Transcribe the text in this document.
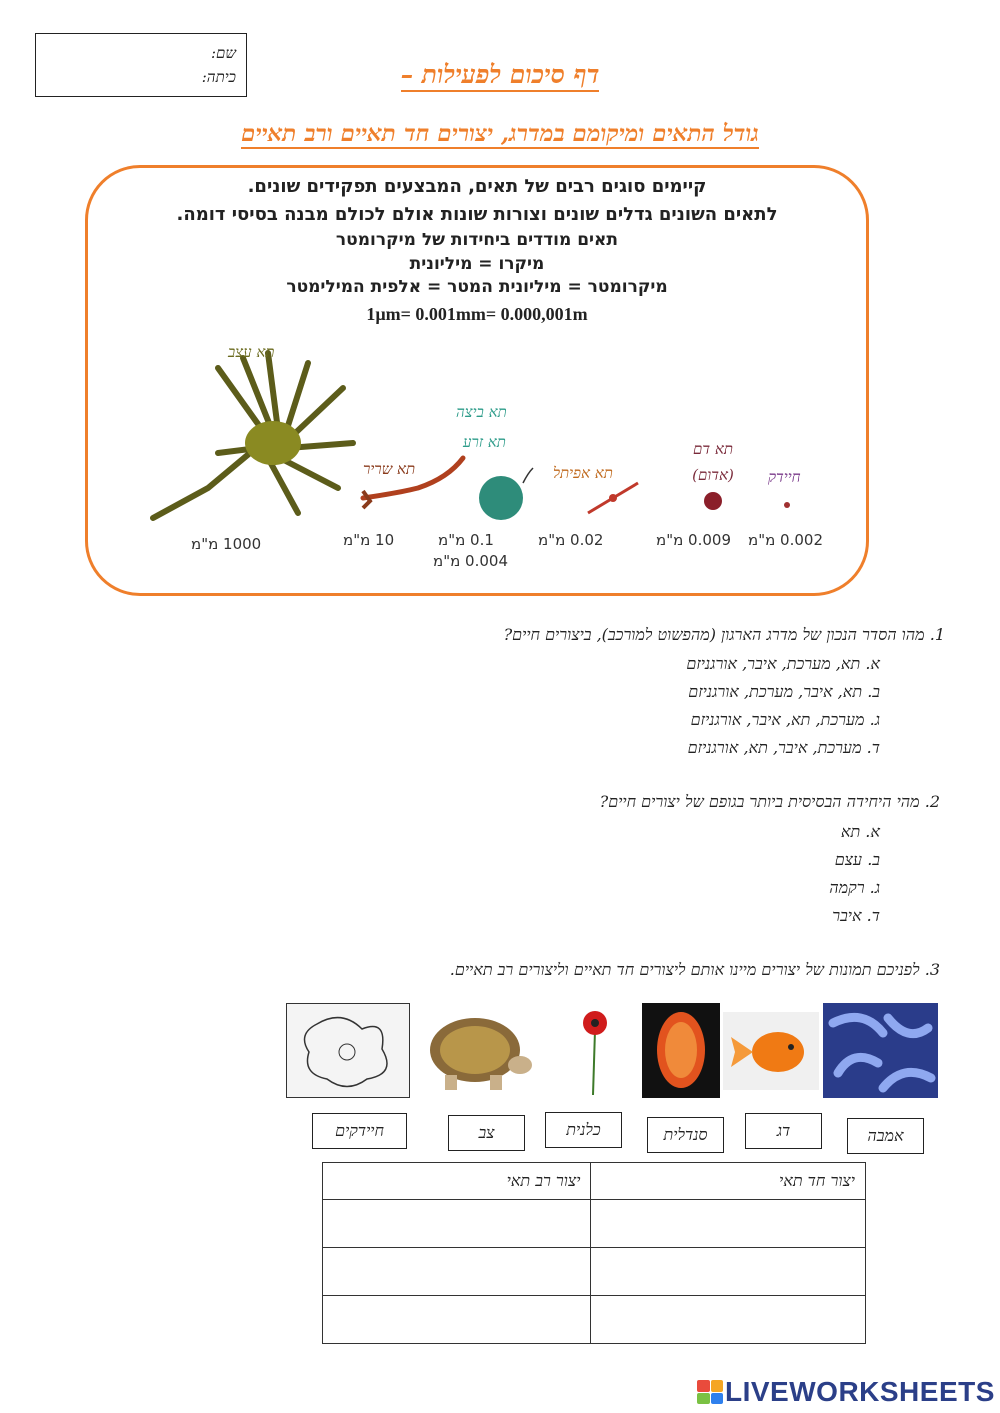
שם:
כיתה:	דף סיכום לפעילות –
גודל התאים ומיקומם במדרג, יצורים חד תאיים ורב תאיים
קיימים סוגים רבים של תאים, המבצעים תפקידים שונים.
לתאים השונים גדלים שונים וצורות שונות אולם לכולם מבנה בסיסי דומה.
תאים מודדים ביחידות של מיקרומטר
מיקרו = מיליונית
מיקרומטר = מיליונית המטר = אלפית המילימטר
1µm= 0.001mm= 0.000,001m
תא עצב
תא שריר
תא ביצה
תא זרע
תא אפיתל
תא דם (אדום)	חיידק
1000 מ"מ	10 מ"מ	0.1 מ"מ
0.004 מ"מ
0.02 מ"מ	0.009 מ"מ 0.002 מ"מ
1. מהו הסדר הנכון של מדרג הארגון (מהפשוט למורכב), ביצורים חיים?
א. תא, מערכת, איבר, אורגניזם
ב. תא, איבר, מערכת, אורגניזם
ג. מערכת, תא, איבר, אורגניזם
ד. מערכת, איבר, תא, אורגניזם
2. מהי היחידה הבסיסית ביותר בגופם של יצורים חיים?
א. תא
ב. עצם
ג. רקמה
ד. איבר
3. לפניכם תמונות של יצורים מיינו אותם ליצורים חד תאיים וליצורים רב תאיים.
חיידקים	צב	כלנית	סנדלית	דג	אמבה
יצור רב תאי	יצור חד תאי

LIVEWORKSHEETS
